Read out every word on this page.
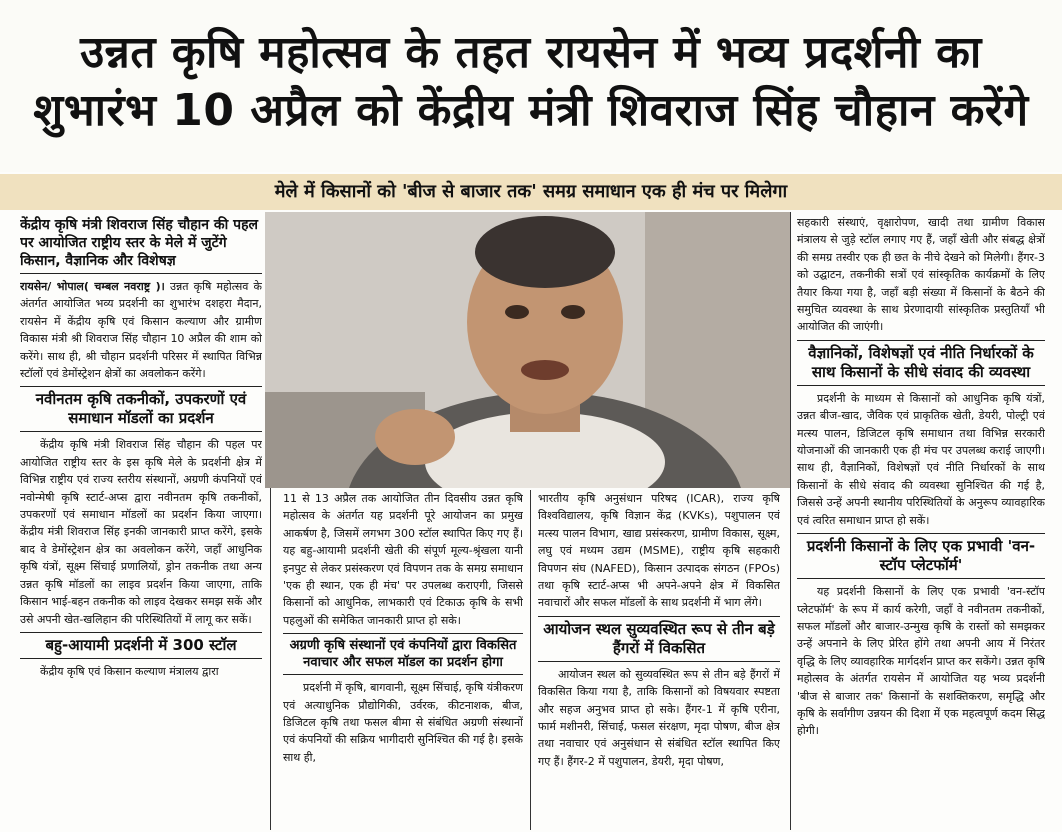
उन्नत कृषि महोत्सव के तहत रायसेन में भव्य प्रदर्शनी का
शुभारंभ 10 अप्रैल को केंद्रीय मंत्री शिवराज सिंह चौहान करेंगे
मेले में किसानों को 'बीज से बाजार तक' समग्र समाधान एक ही मंच पर मिलेगा
केंद्रीय कृषि मंत्री शिवराज सिंह चौहान की पहल पर आयोजित राष्ट्रीय स्तर के मेले में जुटेंगे किसान, वैज्ञानिक और विशेषज्ञ

रायसेन/ भोपाल( चम्बल नवराष्ट्र )। उन्नत कृषि महोत्सव के अंतर्गत आयोजित भव्य प्रदर्शनी का शुभारंभ दशहरा मैदान, रायसेन में केंद्रीय कृषि एवं किसान कल्याण और ग्रामीण विकास मंत्री श्री शिवराज सिंह चौहान 10 अप्रैल की शाम को करेंगे। साथ ही, श्री चौहान प्रदर्शनी परिसर में स्थापित विभिन्न स्टॉलों एवं डेमोंस्ट्रेशन क्षेत्रों का अवलोकन करेंगे।

नवीनतम कृषि तकनीकों, उपकरणों एवं समाधान मॉडलों का प्रदर्शन

केंद्रीय कृषि मंत्री शिवराज सिंह चौहान की पहल पर आयोजित राष्ट्रीय स्तर के इस कृषि मेले के प्रदर्शनी क्षेत्र में विभिन्न राष्ट्रीय एवं राज्य स्तरीय संस्थानों, अग्रणी कंपनियों एवं नवोन्मेषी कृषि स्टार्ट-अप्स द्वारा नवीनतम कृषि तकनीकों, उपकरणों एवं समाधान मॉडलों का प्रदर्शन किया जाएगा। केंद्रीय मंत्री शिवराज सिंह इनकी जानकारी प्राप्त करेंगे, इसके बाद वे डेमोंस्ट्रेशन क्षेत्र का अवलोकन करेंगे, जहाँ आधुनिक कृषि यंत्रों, सूक्ष्म सिंचाई प्रणालियों, ड्रोन तकनीक तथा अन्य उन्नत कृषि मॉडलों का लाइव प्रदर्शन किया जाएगा, ताकि किसान भाई-बहन तकनीक को लाइव देखकर समझ सकें और उसे अपनी खेत-खलिहान की परिस्थितियों में लागू कर सकें।

बहु-आयामी प्रदर्शनी में 300 स्टॉल

केंद्रीय कृषि एवं किसान कल्याण मंत्रालय द्वारा

11 से 13 अप्रैल तक आयोजित तीन दिवसीय उन्नत कृषि महोत्सव के अंतर्गत यह प्रदर्शनी पूरे आयोजन का प्रमुख आकर्षण है, जिसमें लगभग 300 स्टॉल स्थापित किए गए हैं। यह बहु-आयामी प्रदर्शनी खेती की संपूर्ण मूल्य-श्रृंखला यानी इनपुट से लेकर प्रसंस्करण एवं विपणन तक के समग्र समाधान 'एक ही स्थान, एक ही मंच' पर उपलब्ध कराएगी, जिससे किसानों को आधुनिक, लाभकारी एवं टिकाऊ कृषि के सभी पहलुओं की समेकित जानकारी प्राप्त हो सके।

अग्रणी कृषि संस्थानों एवं कंपनियों द्वारा विकसित नवाचार और सफल मॉडल का प्रदर्शन होगा

प्रदर्शनी में कृषि, बागवानी, सूक्ष्म सिंचाई, कृषि यंत्रीकरण एवं अत्याधुनिक प्रौद्योगिकी, उर्वरक, कीटनाशक, बीज, डिजिटल कृषि तथा फसल बीमा से संबंधित अग्रणी संस्थानों एवं कंपनियों की सक्रिय भागीदारी सुनिश्चित की गई है। इसके साथ ही,

भारतीय कृषि अनुसंधान परिषद (ICAR), राज्य कृषि विश्वविद्यालय, कृषि विज्ञान केंद्र (KVKs), पशुपालन एवं मत्स्य पालन विभाग, खाद्य प्रसंस्करण, ग्रामीण विकास, सूक्ष्म, लघु एवं मध्यम उद्यम (MSME), राष्ट्रीय कृषि सहकारी विपणन संघ (NAFED), किसान उत्पादक संगठन (FPOs) तथा कृषि स्टार्ट-अप्स भी अपने-अपने क्षेत्र में विकसित नवाचारों और सफल मॉडलों के साथ प्रदर्शनी में भाग लेंगे।

आयोजन स्थल सुव्यवस्थित रूप से तीन बड़े हैंगरों में विकसित

आयोजन स्थल को सुव्यवस्थित रूप से तीन बड़े हैंगरों में विकसित किया गया है, ताकि किसानों को विषयवार स्पष्टता और सहज अनुभव प्राप्त हो सके। हैंगर-1 में कृषि एरीना, फार्म मशीनरी, सिंचाई, फसल संरक्षण, मृदा पोषण, बीज क्षेत्र तथा नवाचार एवं अनुसंधान से संबंधित स्टॉल स्थापित किए गए हैं। हैंगर-2 में पशुपालन, डेयरी, मृदा पोषण,

सहकारी संस्थाएं, वृक्षारोपण, खादी तथा ग्रामीण विकास मंत्रालय से जुड़े स्टॉल लगाए गए हैं, जहाँ खेती और संबद्ध क्षेत्रों की समग्र तस्वीर एक ही छत के नीचे देखने को मिलेगी। हैंगर-3 को उद्घाटन, तकनीकी सत्रों एवं सांस्कृतिक कार्यक्रमों के लिए तैयार किया गया है, जहाँ बड़ी संख्या में किसानों के बैठने की समुचित व्यवस्था के साथ प्रेरणादायी सांस्कृतिक प्रस्तुतियाँ भी आयोजित की जाएंगी।

वैज्ञानिकों, विशेषज्ञों एवं नीति निर्धारकों के साथ किसानों के सीधे संवाद की व्यवस्था

प्रदर्शनी के माध्यम से किसानों को आधुनिक कृषि यंत्रों, उन्नत बीज-खाद, जैविक एवं प्राकृतिक खेती, डेयरी, पोल्ट्री एवं मत्स्य पालन, डिजिटल कृषि समाधान तथा विभिन्न सरकारी योजनाओं की जानकारी एक ही मंच पर उपलब्ध कराई जाएगी। साथ ही, वैज्ञानिकों, विशेषज्ञों एवं नीति निर्धारकों के साथ किसानों के सीधे संवाद की व्यवस्था सुनिश्चित की गई है, जिससे उन्हें अपनी स्थानीय परिस्थितियों के अनुरूप व्यावहारिक एवं त्वरित समाधान प्राप्त हो सकें।

प्रदर्शनी किसानों के लिए एक प्रभावी 'वन-स्टॉप प्लेटफॉर्म'

यह प्रदर्शनी किसानों के लिए एक प्रभावी 'वन-स्टॉप प्लेटफॉर्म' के रूप में कार्य करेगी, जहाँ वे नवीनतम तकनीकों, सफल मॉडलों और बाजार-उन्मुख कृषि के रास्तों को समझकर उन्हें अपनाने के लिए प्रेरित होंगे तथा अपनी आय में निरंतर वृद्धि के लिए व्यावहारिक मार्गदर्शन प्राप्त कर सकेंगे। उन्नत कृषि महोत्सव के अंतर्गत रायसेन में आयोजित यह भव्य प्रदर्शनी 'बीज से बाजार तक' किसानों के सशक्तिकरण, समृद्धि और कृषि के सर्वांगीण उन्नयन की दिशा में एक महत्वपूर्ण कदम सिद्ध होगी।
